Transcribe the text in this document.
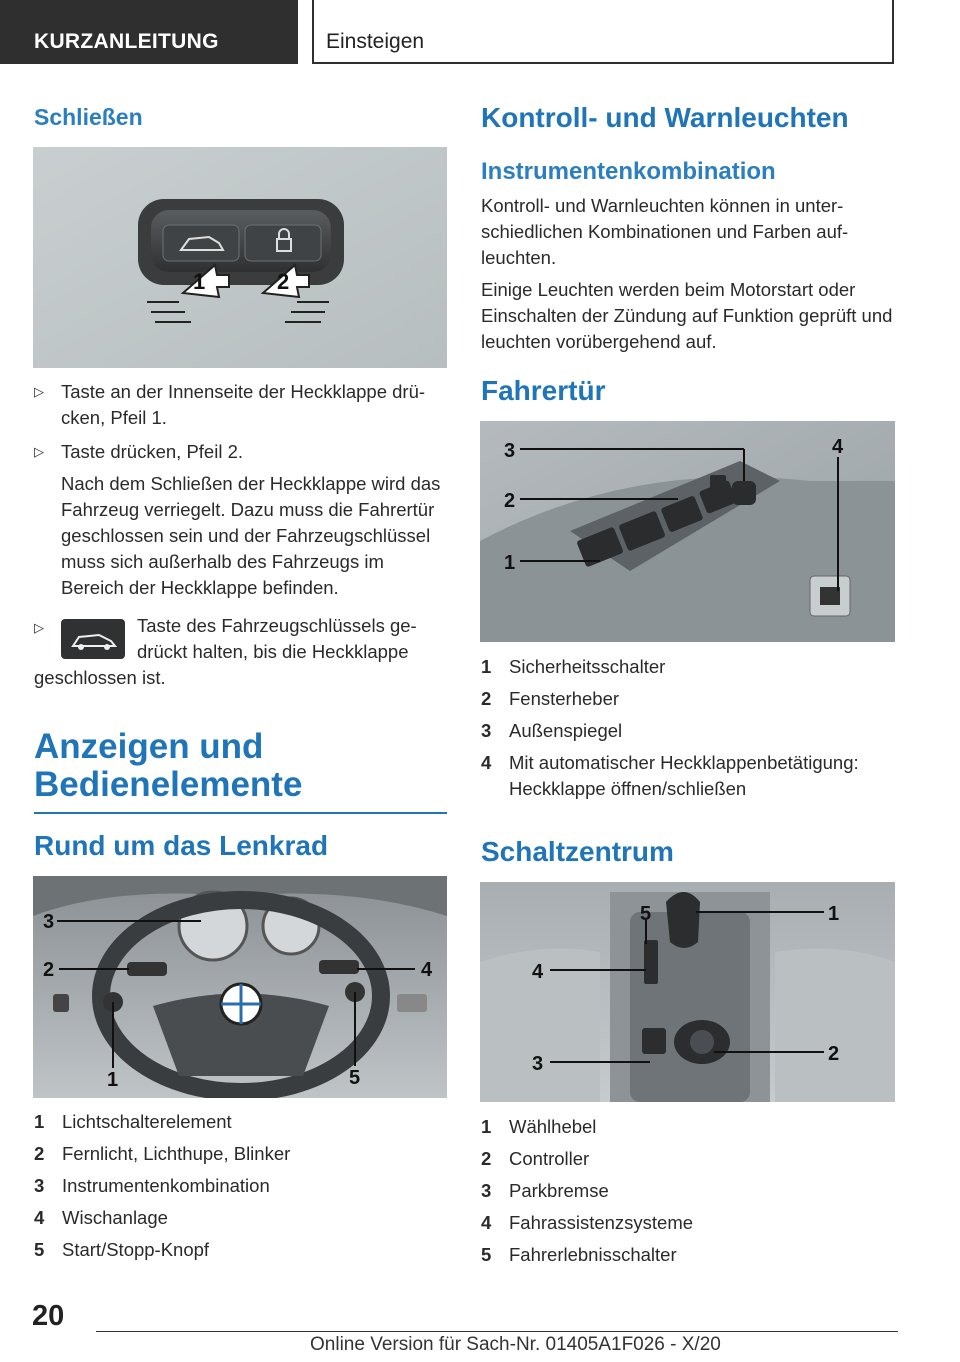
KURZANLEITUNG	Einsteigen
Schließen
1	2
▷ Taste an der Innenseite der Heckklappe drücken, Pfeil 1.
▷ Taste drücken, Pfeil 2.

Nach dem Schließen der Heckklappe wird das Fahrzeug verriegelt. Dazu muss die Fahrertür geschlossen sein und der Fahrzeugschlüssel muss sich außerhalb des Fahrzeugs im Bereich der Heckklappe befinden.

▷	Taste des Fahrzeugschlüssels gedrückt halten, bis die Heckklappe
geschlossen ist.
Anzeigen und
Bedienelemente
Rund um das Lenkrad
3
2
1
4
5
1 Lichtschalterelement
2 Fernlicht, Lichthupe, Blinker
3 Instrumentenkombination
4 Wischanlage
5 Start/Stopp-Knopf
Kontroll- und Warnleuchten
Instrumentenkombination

Kontroll- und Warnleuchten können in unterschiedlichen Kombinationen und Farben aufleuchten.

Einige Leuchten werden beim Motorstart oder Einschalten der Zündung auf Funktion geprüft und leuchten vorübergehend auf.

Fahrertür
3
2
1
4
1 Sicherheitsschalter
2 Fensterheber
3 Außenspiegel
4 Mit automatischer Heckklappenbetätigung: Heckklappe öffnen/schließen
Schaltzentrum
5	1
4
3	2
1 Wählhebel
2 Controller
3 Parkbremse
4 Fahrassistenzsysteme
5 Fahrerlebnisschalter
20
Online Version für Sach-Nr. 01405A1F026 - X/20
